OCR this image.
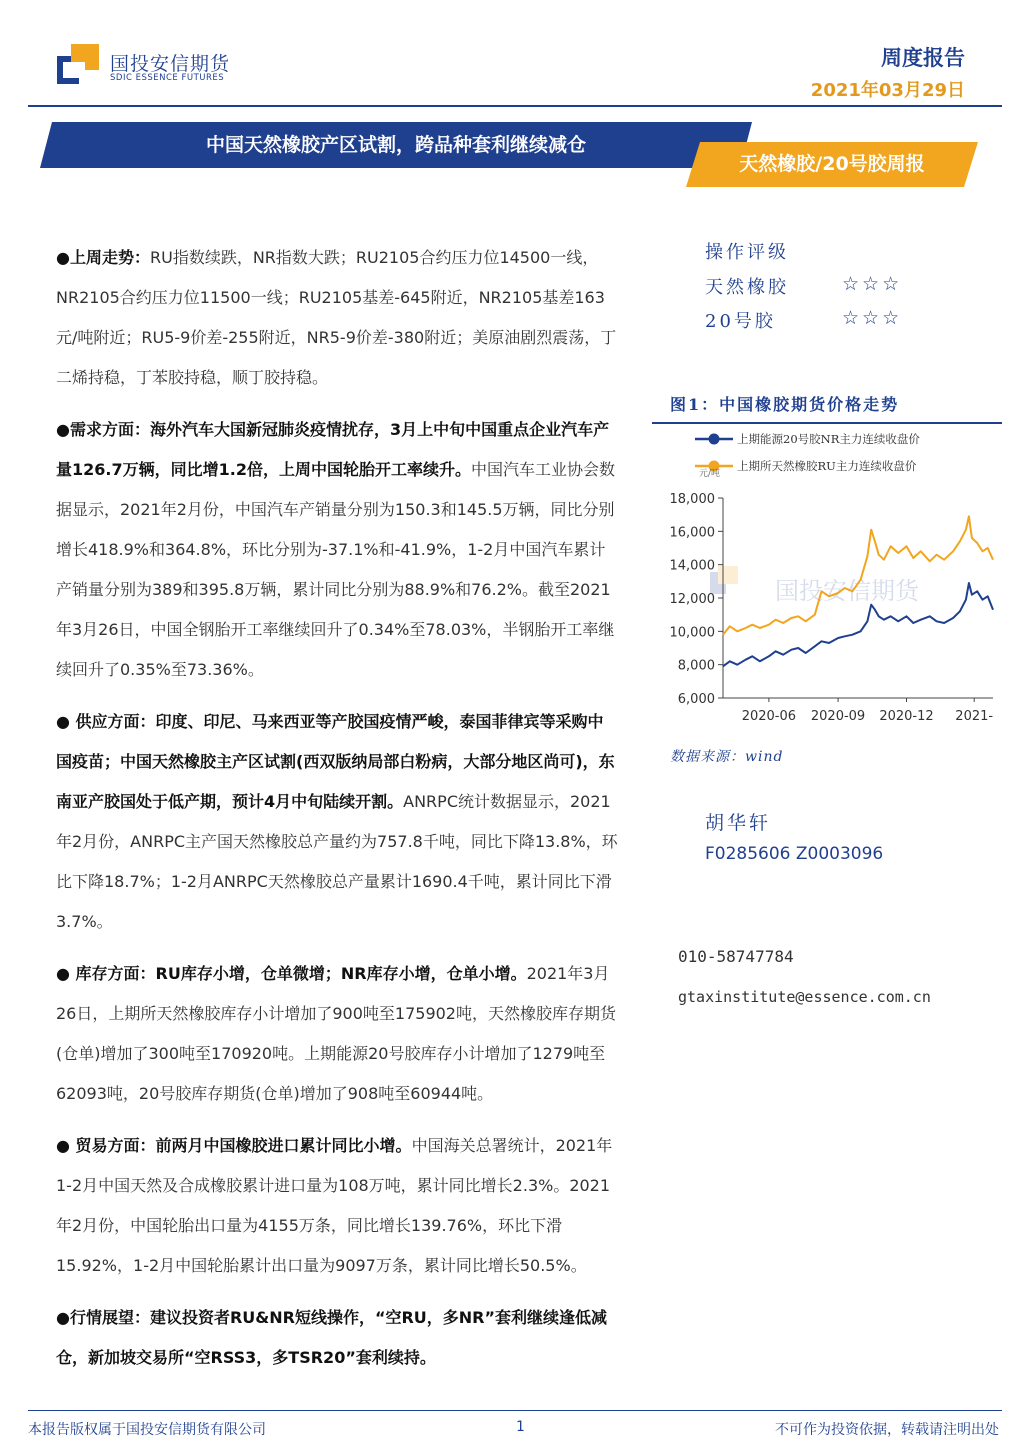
国投安信期货
SDIC ESSENCE FUTURES
周度报告
2021年03月29日
中国天然橡胶产区试割，跨品种套利继续减仓
天然橡胶/20号胶周报

●上周走势：RU指数续跌，NR指数大跌；RU2105合约压力位14500一线，NR2105合约压力位11500一线；RU2105基差-645附近，NR2105基差163元/吨附近；RU5-9价差-255附近，NR5-9价差-380附近；美原油剧烈震荡，丁二烯持稳，丁苯胶持稳，顺丁胶持稳。

●需求方面：海外汽车大国新冠肺炎疫情扰存，3月上中旬中国重点企业汽车产量126.7万辆，同比增1.2倍，上周中国轮胎开工率续升。中国汽车工业协会数据显示，2021年2月份，中国汽车产销量分别为150.3和145.5万辆，同比分别增长418.9%和364.8%，环比分别为-37.1%和-41.9%，1-2月中国汽车累计产销量分别为389和395.8万辆，累计同比分别为88.9%和76.2%。截至2021年3月26日，中国全钢胎开工率继续回升了0.34%至78.03%，半钢胎开工率继续回升了0.35%至73.36%。

● 供应方面：印度、印尼、马来西亚等产胶国疫情严峻，泰国菲律宾等采购中国疫苗；中国天然橡胶主产区试割(西双版纳局部白粉病，大部分地区尚可)，东南亚产胶国处于低产期，预计4月中旬陆续开割。ANRPC统计数据显示，2021年2月份，ANRPC主产国天然橡胶总产量约为757.8千吨，同比下降13.8%，环比下降18.7%；1-2月ANRPC天然橡胶总产量累计1690.4千吨，累计同比下滑3.7%。

● 库存方面：RU库存小增，仓单微增；NR库存小增，仓单小增。2021年3月26日，上期所天然橡胶库存小计增加了900吨至175902吨，天然橡胶库存期货(仓单)增加了300吨至170920吨。上期能源20号胶库存小计增加了1279吨至62093吨，20号胶库存期货(仓单)增加了908吨至60944吨。

● 贸易方面：前两月中国橡胶进口累计同比小增。中国海关总署统计，2021年1-2月中国天然及合成橡胶累计进口量为108万吨，累计同比增长2.3%。2021年2月份，中国轮胎出口量为4155万条，同比增长139.76%，环比下滑15.92%，1-2月中国轮胎累计出口量为9097万条，累计同比增长50.5%。

●行情展望：建议投资者RU&NR短线操作，“空RU，多NR”套利继续逢低减仓，新加坡交易所“空RSS3，多TSR20”套利续持。

操作评级
天然橡胶	☆☆☆
20号胶	☆☆☆
图1：中国橡胶期货价格走势
国投安信期货
上期能源20号胶NR主力连续收盘价
上期所天然橡胶RU主力连续收盘价
元/吨
18,000
16,000
14,000
12,000
10,000
8,000
6,000
2020-06 2020-09 2020-12 2021-
数据来源：wind
胡华轩
F0285606 Z0003096
010-58747784
gtaxinstitute@essence.com.cn
本报告版权属于国投安信期货有限公司	1	不可作为投资依据，转载请注明出处
